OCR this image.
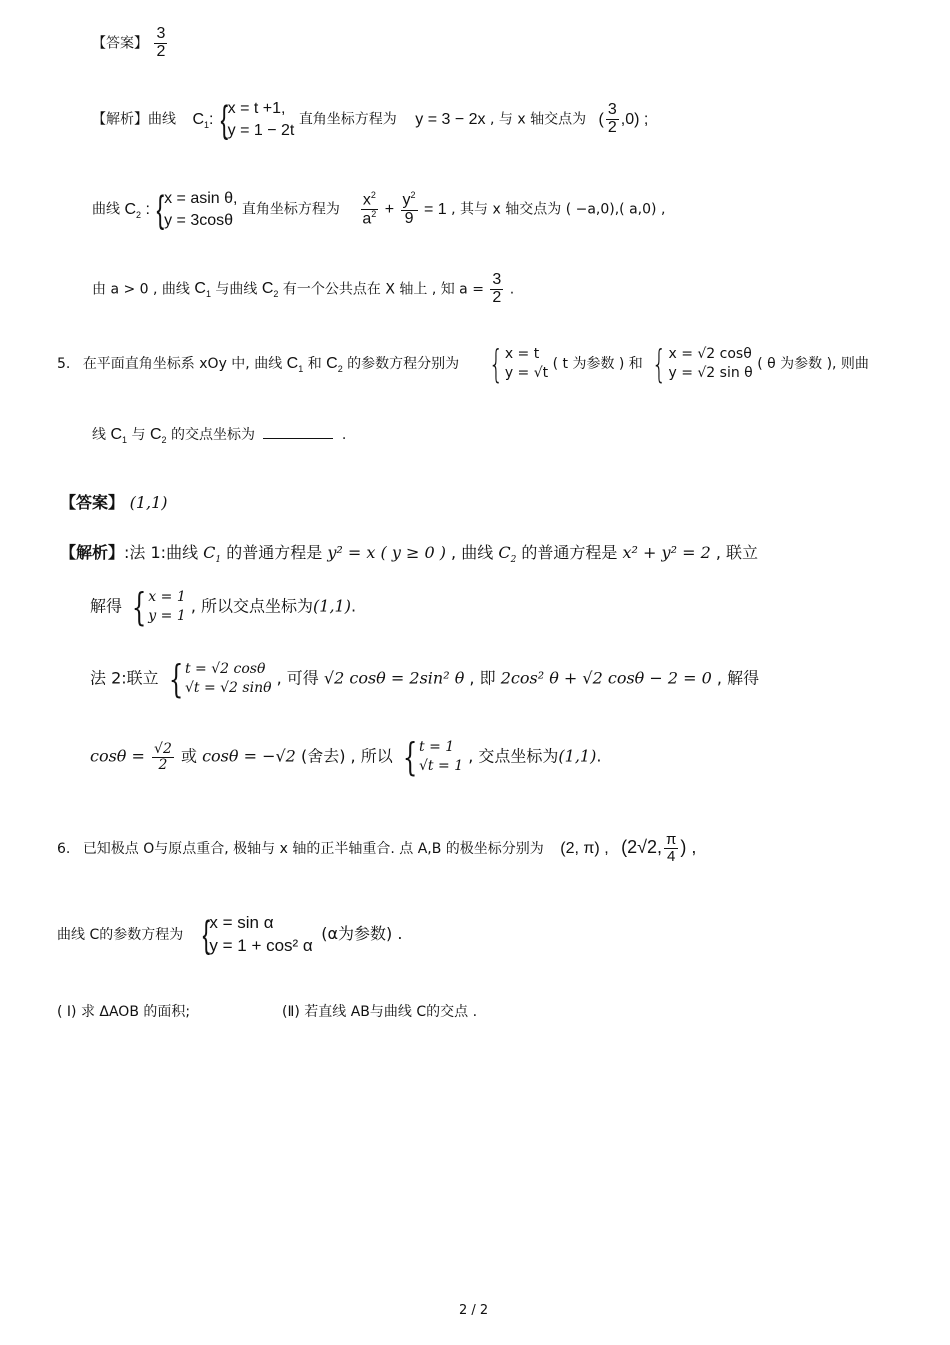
【答案】 $\frac{3}{2}$
【解析】曲线 $C_1$: { x = t +1,
y = 1 − 2t
直角坐标方程为 y = 3 − 2x , 与 x 轴交点为 ( $\frac{3}{2} ,0$) ;
曲线 $C_2$ : { x = asin θ,
y = 3cosθ
直角坐标方程为 $\frac{x^2}{a^2} + \frac{y^2}{9} = 1$ , 其与 x 轴交点为 ( −a,0),( a,0) ,
由 a > 0 , 曲线 $C_1$ 与曲线 $C_2$ 有一个公共点在 X 轴上 , 知 $a = \frac{3}{2}$ .
5. 在平面直角坐标系 xOy 中, 曲线 $C_1$ 和 $C_2$ 的参数方程分别为 { x = t
y = √t
( t 为参数 ) 和 { x = √2 cosθ
y = √2 sin θ
( θ 为参数 ), 则曲
线 $C_1$ 与 $C_2$ 的交点坐标为	.
【答案】 (1,1)
【解析】:法 1:曲线 $C_1$ 的普通方程是 y² = x ( y ≥ 0 ) , 曲线 $C_2$ 的普通方程是 x² + y² = 2 , 联立
解得 { x = 1
y = 1
, 所以交点坐标为(1,1).
法 2:联立 { t = √2 cosθ
√t = √2 sinθ
, 可得 √2 cosθ = 2sin² θ , 即 2cos² θ + √2 cosθ − 2 = 0 , 解得
$\cos\theta = \frac{√2}{2}$ 或 cosθ = −√2 (舍去) , 所以 { t = 1
√t = 1
, 交点坐标为(1,1).
6. 已知极点 O与原点重合, 极轴与 x 轴的正半轴重合. 点 A,B 的极坐标分别为 (2, π) , (2√2, $\frac{\pi}{4}$ ) ,
曲线 C的参数方程为 { x = sin α
y = 1 + cos² α
(α为参数) .
( Ⅰ) 求 ΔAOB 的面积;	(Ⅱ) 若直线 AB与曲线 C的交点 .
2 / 2
